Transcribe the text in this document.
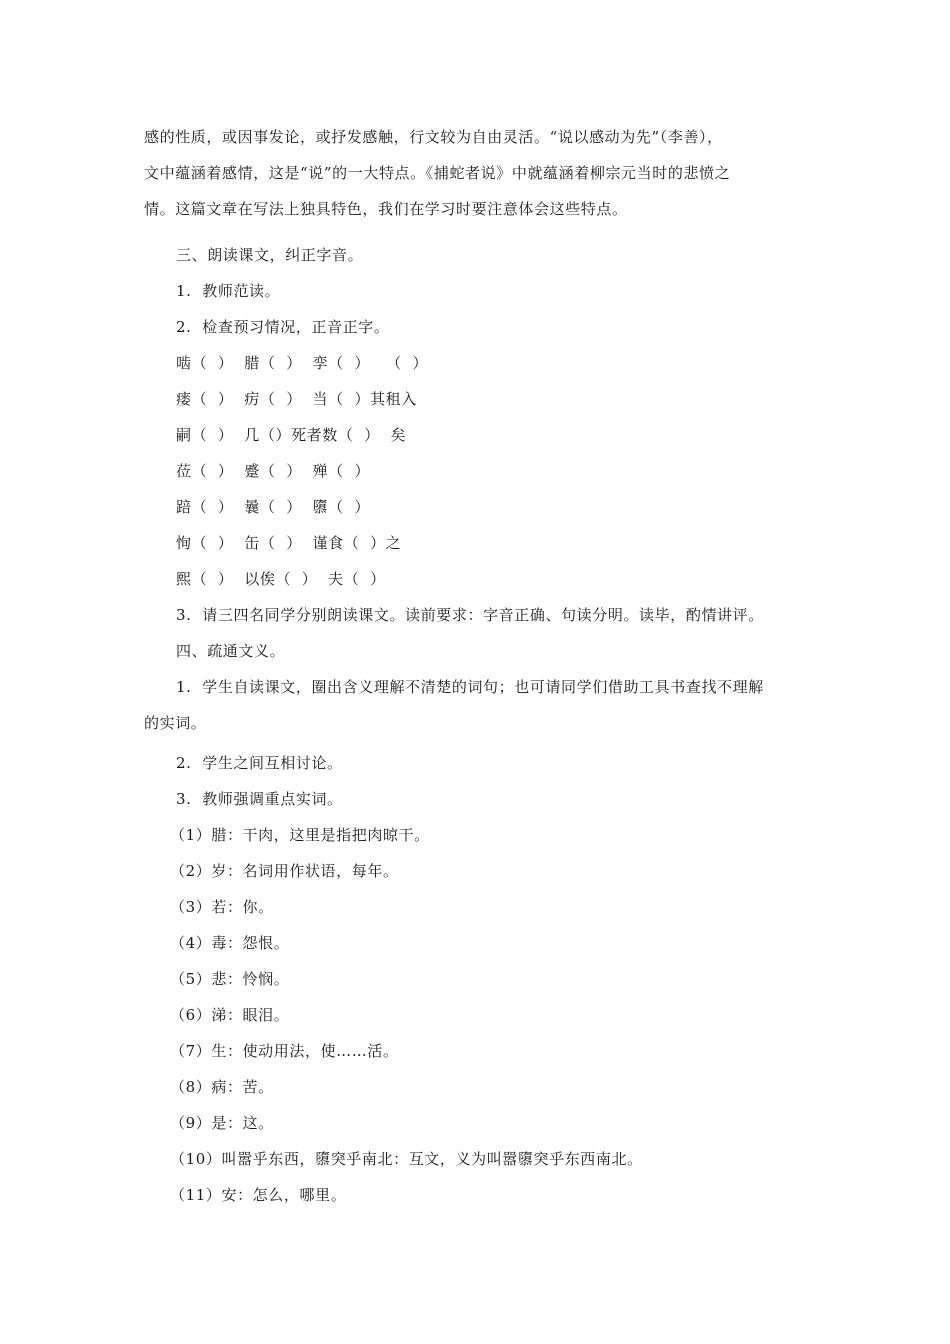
感的性质，或因事发论，或抒发感触，行文较为自由灵活。“说以感动为先”（李善），
文中蕴涵着感情，这是“说”的一大特点。《捕蛇者说》中就蕴涵着柳宗元当时的悲愤之
情。这篇文章在写法上独具特色，我们在学习时要注意体会这些特点。
三、朗读课文，纠正字音。
1.  教师范读。
2.  检查预习情况，正音正字。
啮（  ）  腊（  ）  孪（  ）   （  ）
瘘（  ）  疠（  ）  当（  ）其租入
嗣（  ）  几（）死者数（  ）  矣
莅（  ）  蹙（  ）  殚（  ）
踣（  ）  曩（  ）  隳（  ）
恂（  ）  缶（  ）  谨食（  ）之
熙（  ）  以俟（  ）  夫（  ）
3.  请三四名同学分别朗读课文。读前要求：字音正确、句读分明。读毕，酌情讲评。
四、疏通文义。
1.  学生自读课文，圈出含义理解不清楚的词句；也可请同学们借助工具书查找不理解
的实词。
2.  学生之间互相讨论。
3.  教师强调重点实词。
（1）腊：干肉，这里是指把肉晾干。
（2）岁：名词用作状语，每年。
（3）若：你。
（4）毒：怨恨。
（5）悲：怜悯。
（6）涕：眼泪。
（7）生：使动用法，使……活。
（8）病：苦。
（9）是：这。
（10）叫嚣乎东西，隳突乎南北：互文，义为叫嚣隳突乎东西南北。
（11）安：怎么，哪里。
